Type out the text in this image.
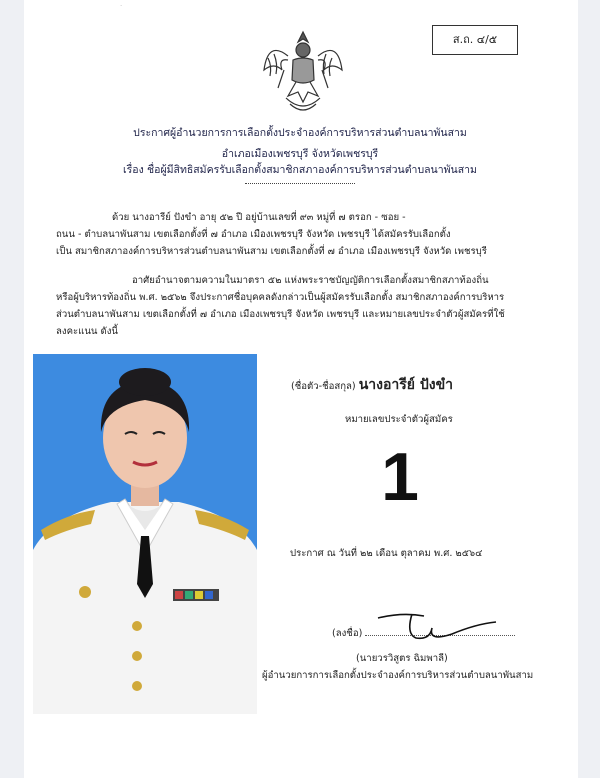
·
ส.ถ. ๔/๕
ประกาศผู้อำนวยการการเลือกตั้งประจำองค์การบริหารส่วนตำบลนาพันสาม
อำเภอเมืองเพชรบุรี จังหวัดเพชรบุรี
เรื่อง ชื่อผู้มีสิทธิสมัครรับเลือกตั้งสมาชิกสภาองค์การบริหารส่วนตำบลนาพันสาม
ด้วย นางอารีย์ ปังขำ อายุ ๕๒ ปี อยู่บ้านเลขที่ ๙๓ หมู่ที่ ๗ ตรอก - ซอย -
ถนน - ตำบลนาพันสาม เขตเลือกตั้งที่ ๗ อำเภอ เมืองเพชรบุรี จังหวัด เพชรบุรี ได้สมัครรับเลือกตั้ง
เป็น สมาชิกสภาองค์การบริหารส่วนตำบลนาพันสาม เขตเลือกตั้งที่ ๗ อำเภอ เมืองเพชรบุรี จังหวัด เพชรบุรี
อาศัยอำนาจตามความในมาตรา ๕๒ แห่งพระราชบัญญัติการเลือกตั้งสมาชิกสภาท้องถิ่น
หรือผู้บริหารท้องถิ่น พ.ศ. ๒๕๖๒ จึงประกาศชื่อบุคคลดังกล่าวเป็นผู้สมัครรับเลือกตั้ง สมาชิกสภาองค์การบริหาร
ส่วนตำบลนาพันสาม เขตเลือกตั้งที่ ๗ อำเภอ เมืองเพชรบุรี จังหวัด เพชรบุรี และหมายเลขประจำตัวผู้สมัครที่ใช้
ลงคะแนน ดังนี้
(ชื่อตัว-ชื่อสกุล) นางอารีย์ ปังขำ
หมายเลขประจำตัวผู้สมัคร
1
ประกาศ ณ วันที่ ๒๒ เดือน ตุลาคม พ.ศ. ๒๕๖๔
(ลงชื่อ)
(นายวรวิสูตร ฉิมพาลี)
ผู้อำนวยการการเลือกตั้งประจำองค์การบริหารส่วนตำบลนาพันสาม
